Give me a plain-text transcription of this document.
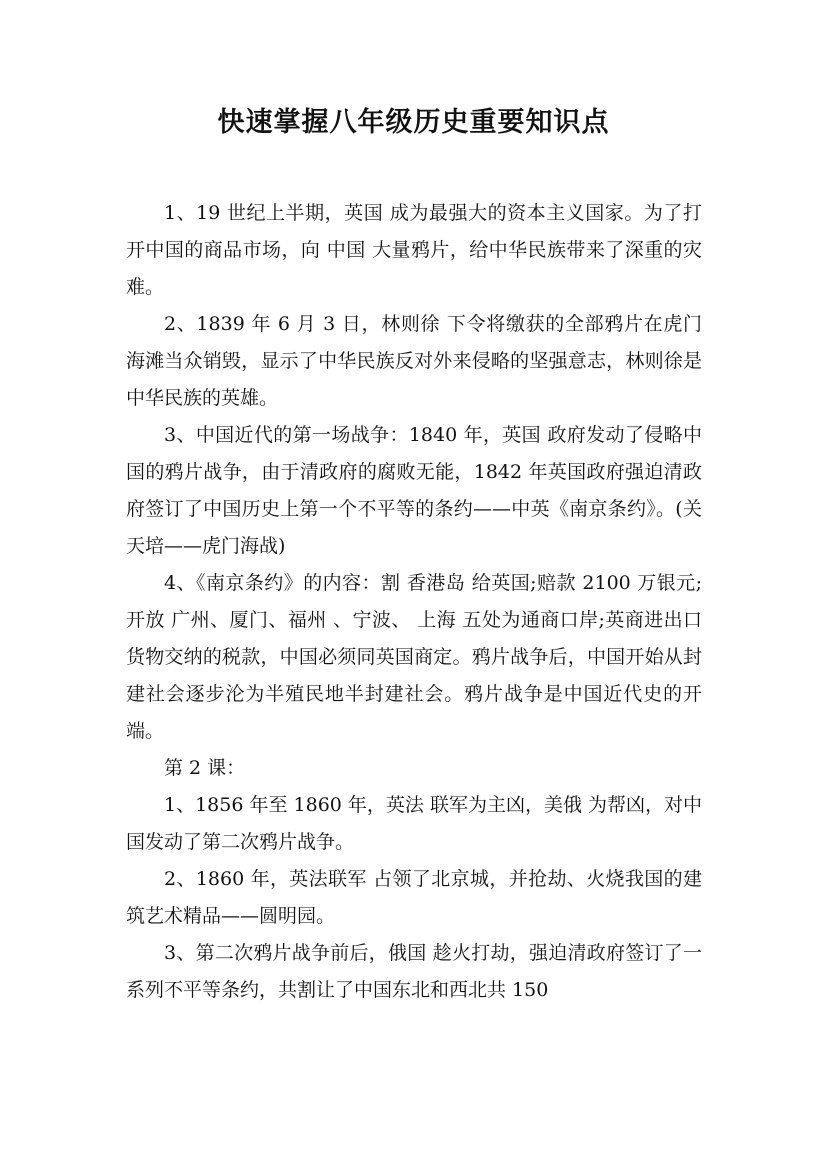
快速掌握八年级历史重要知识点

1、19 世纪上半期，英国 成为最强大的资本主义国家。为了打开中国的商品市场，向 中国 大量鸦片，给中华民族带来了深重的灾难。

2、1839 年 6 月 3 日，林则徐 下令将缴获的全部鸦片在虎门海滩当众销毁，显示了中华民族反对外来侵略的坚强意志，林则徐是中华民族的英雄。

3、中国近代的第一场战争：1840 年，英国 政府发动了侵略中国的鸦片战争，由于清政府的腐败无能，1842 年英国政府强迫清政府签订了中国历史上第一个不平等的条约——中英《南京条约》。(关天培——虎门海战)

4、《南京条约》的内容：割 香港岛 给英国;赔款 2100 万银元;开放 广州、厦门、福州 、宁波、 上海 五处为通商口岸;英商进出口货物交纳的税款，中国必须同英国商定。鸦片战争后，中国开始从封建社会逐步沦为半殖民地半封建社会。鸦片战争是中国近代史的开端。

第 2 课：

1、1856 年至 1860 年，英法 联军为主凶，美俄 为帮凶，对中国发动了第二次鸦片战争。

2、1860 年，英法联军 占领了北京城，并抢劫、火烧我国的建筑艺术精品——圆明园。

3、第二次鸦片战争前后，俄国 趁火打劫，强迫清政府签订了一系列不平等条约，共割让了中国东北和西北共 150
